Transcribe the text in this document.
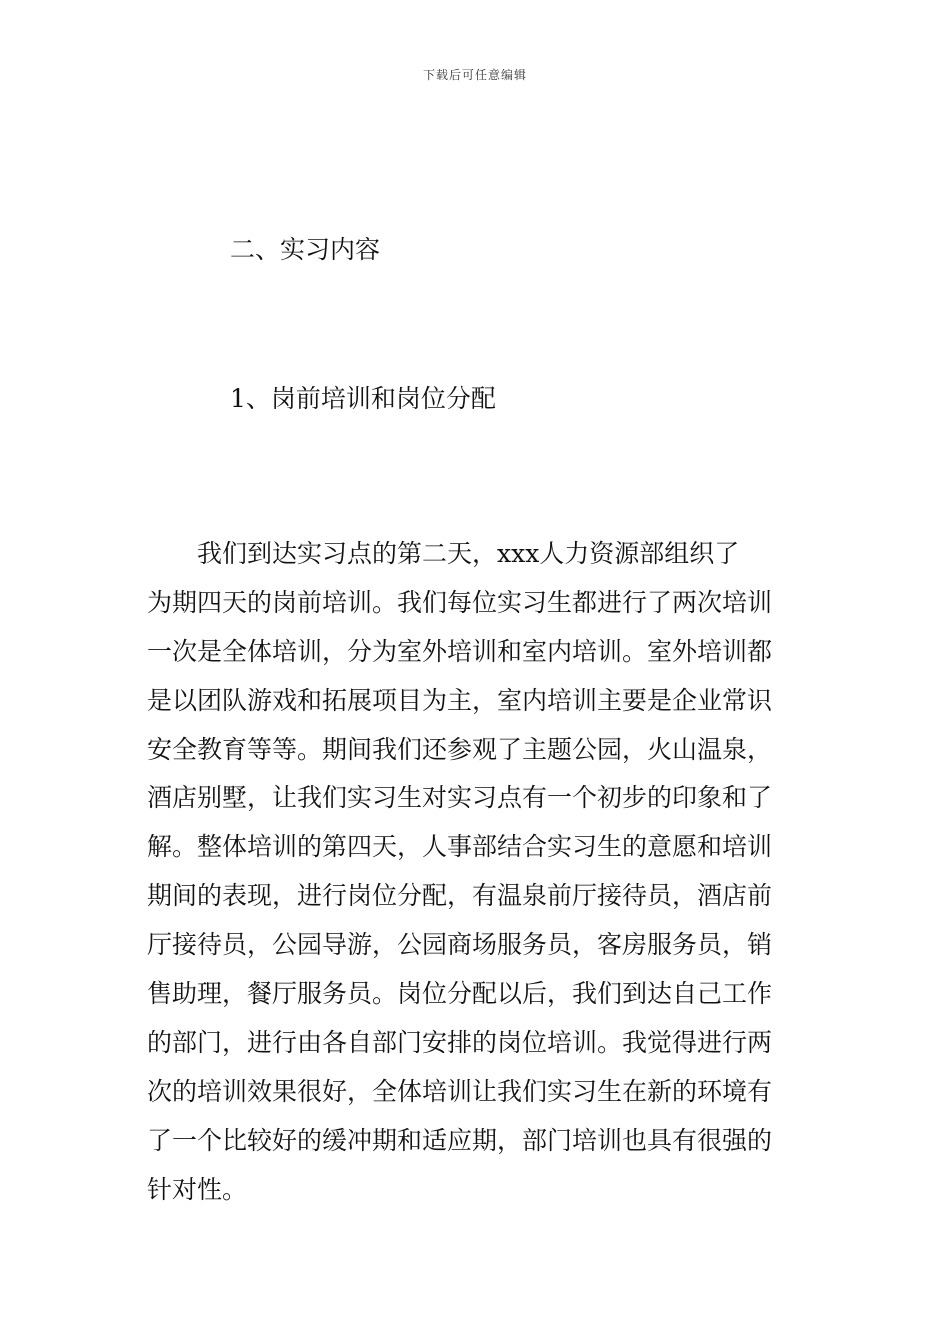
下载后可任意编辑
二、实习内容
1、岗前培训和岗位分配
　　我们到达实习点的第二天，xxx人力资源部组织了
为期四天的岗前培训。我们每位实习生都进行了两次培训
一次是全体培训，分为室外培训和室内培训。室外培训都
是以团队游戏和拓展项目为主，室内培训主要是企业常识
安全教育等等。期间我们还参观了主题公园，火山温泉，
酒店别墅，让我们实习生对实习点有一个初步的印象和了
解。整体培训的第四天，人事部结合实习生的意愿和培训
期间的表现，进行岗位分配，有温泉前厅接待员，酒店前
厅接待员，公园导游，公园商场服务员，客房服务员，销
售助理，餐厅服务员。岗位分配以后，我们到达自己工作
的部门，进行由各自部门安排的岗位培训。我觉得进行两
次的培训效果很好，全体培训让我们实习生在新的环境有
了一个比较好的缓冲期和适应期，部门培训也具有很强的
针对性。
